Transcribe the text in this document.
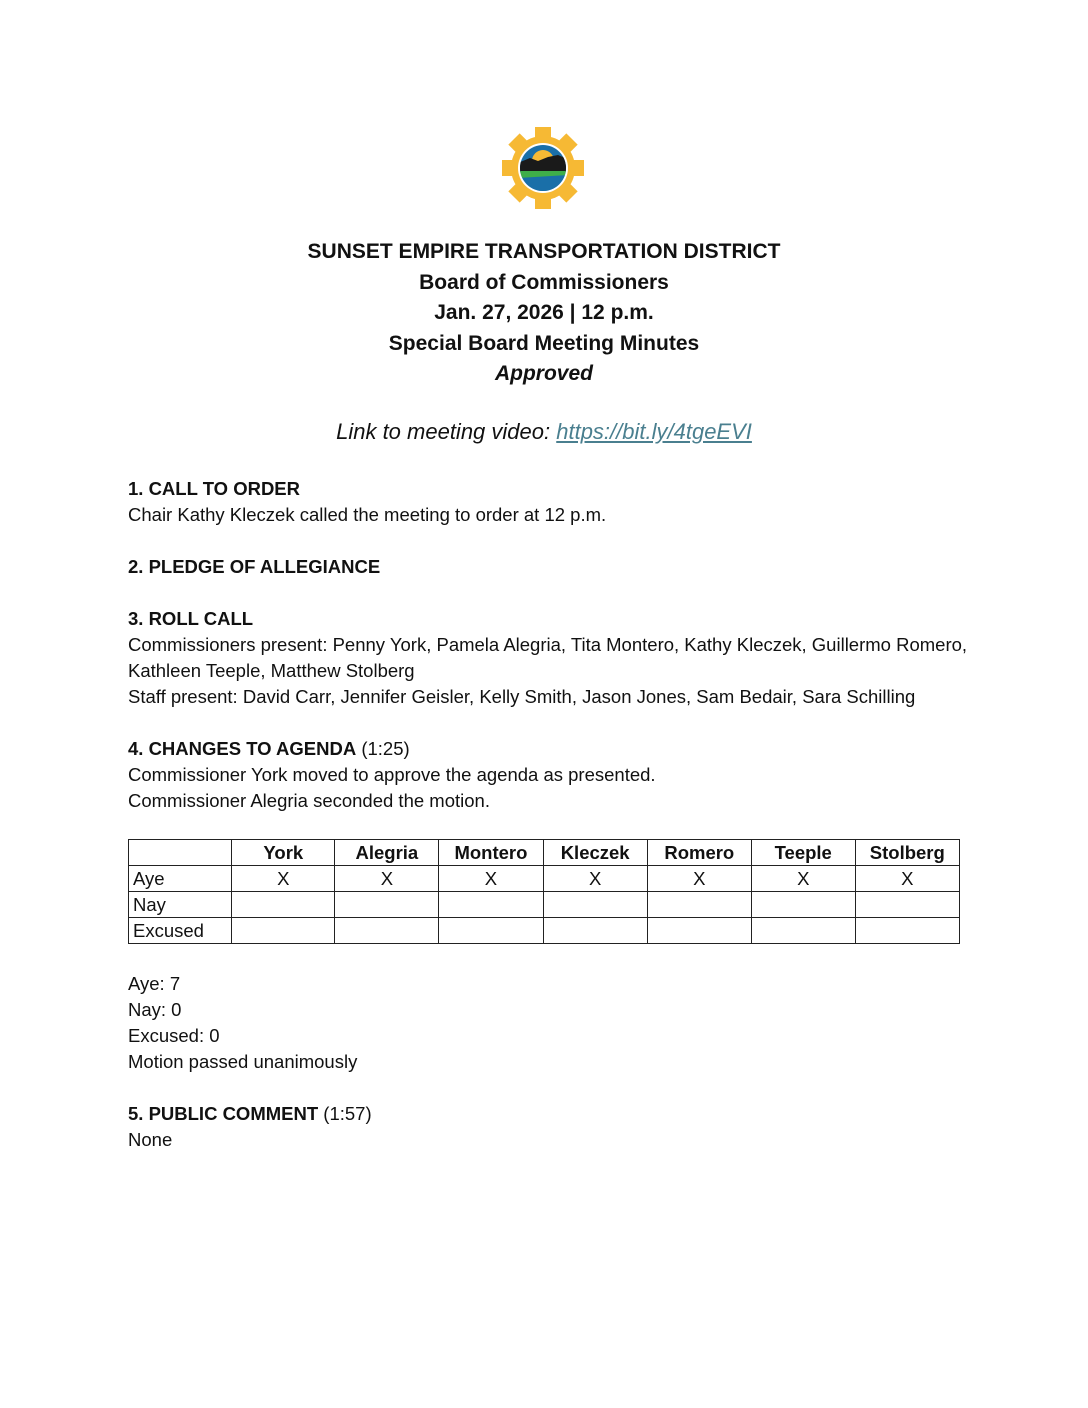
SUNSET EMPIRE TRANSPORTATION DISTRICT
Board of Commissioners
Jan. 27, 2026 | 12 p.m.
Special Board Meeting Minutes
Approved
Link to meeting video: https://bit.ly/4tgeEVI

1. CALL TO ORDER

Chair Kathy Kleczek called the meeting to order at 12 p.m.

2. PLEDGE OF ALLEGIANCE

3. ROLL CALL

Commissioners present: Penny York, Pamela Alegria, Tita Montero, Kathy Kleczek, Guillermo Romero, Kathleen Teeple, Matthew Stolberg

Staff present: David Carr, Jennifer Geisler, Kelly Smith, Jason Jones, Sam Bedair, Sara Schilling

4. CHANGES TO AGENDA (1:25)

Commissioner York moved to approve the agenda as presented.

Commissioner Alegria seconded the motion.

	York	Alegria	Montero	Kleczek	Romero	Teeple	Stolberg
Aye	X	X	X	X	X	X	X
Nay							
Excused							

Aye: 7

Nay: 0

Excused: 0

Motion passed unanimously

5. PUBLIC COMMENT (1:57)

None
